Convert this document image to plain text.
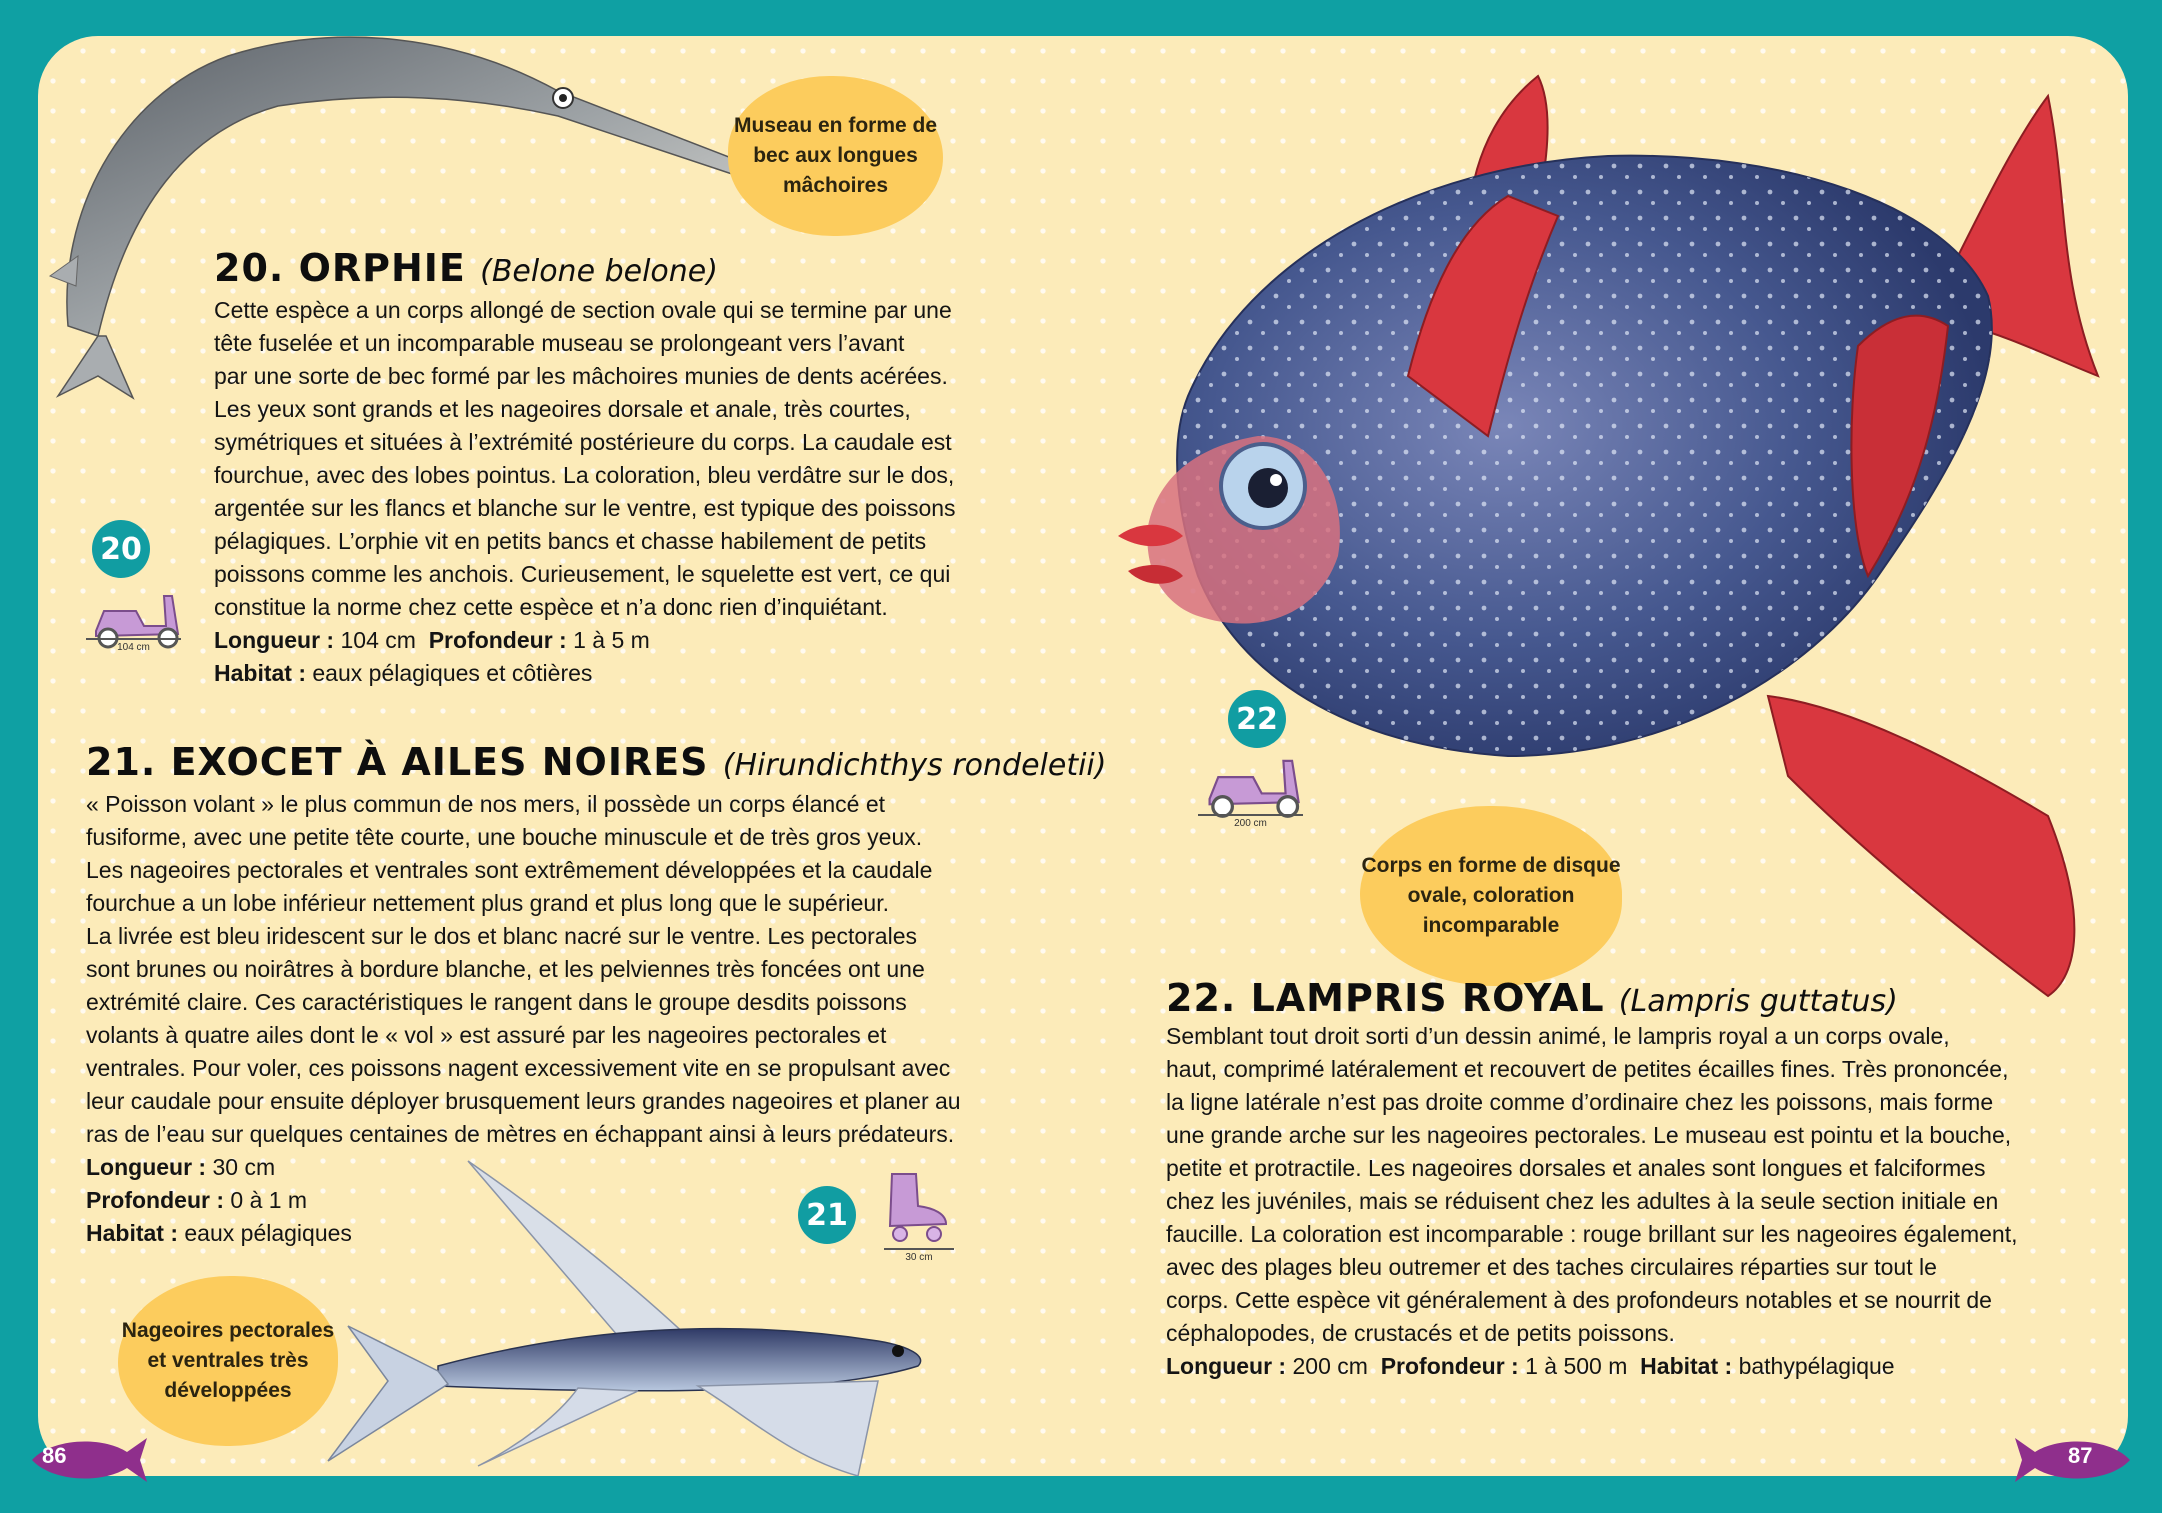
Museau en forme de bec aux longues mâchoires
20. ORPHIE (Belone belone)
Cette espèce a un corps allongé de section ovale qui se termine par une
tête fuselée et un incomparable museau se prolongeant vers l’avant
par une sorte de bec formé par les mâchoires munies de dents acérées.
Les yeux sont grands et les nageoires dorsale et anale, très courtes,
symétriques et situées à l’extrémité postérieure du corps. La caudale est
fourchue, avec des lobes pointus. La coloration, bleu verdâtre sur le dos,
argentée sur les flancs et blanche sur le ventre, est typique des poissons
pélagiques. L’orphie vit en petits bancs et chasse habilement de petits
poissons comme les anchois. Curieusement, le squelette est vert, ce qui
constitue la norme chez cette espèce et n’a donc rien d’inquiétant.
Longueur : 104 cm Profondeur : 1 à 5 m
Habitat : eaux pélagiques et côtières
20
104 cm
21. EXOCET À AILES NOIRES (Hirundichthys rondeletii)
« Poisson volant » le plus commun de nos mers, il possède un corps élancé et
fusiforme, avec une petite tête courte, une bouche minuscule et de très gros yeux.
Les nageoires pectorales et ventrales sont extrêmement développées et la caudale
fourchue a un lobe inférieur nettement plus grand et plus long que le supérieur.
La livrée est bleu iridescent sur le dos et blanc nacré sur le ventre. Les pectorales
sont brunes ou noirâtres à bordure blanche, et les pelviennes très foncées ont une
extrémité claire. Ces caractéristiques le rangent dans le groupe desdits poissons
volants à quatre ailes dont le « vol » est assuré par les nageoires pectorales et
ventrales. Pour voler, ces poissons nagent excessivement vite en se propulsant avec
leur caudale pour ensuite déployer brusquement leurs grandes nageoires et planer au
ras de l’eau sur quelques centaines de mètres en échappant ainsi à leurs prédateurs.
Longueur : 30 cm
Profondeur : 0 à 1 m
Habitat : eaux pélagiques
Nageoires pectorales et ventrales très développées
21
30 cm
Corps en forme de disque ovale, coloration incomparable
22
200 cm
22. LAMPRIS ROYAL (Lampris guttatus)
Semblant tout droit sorti d’un dessin animé, le lampris royal a un corps ovale,
haut, comprimé latéralement et recouvert de petites écailles fines. Très prononcée,
la ligne latérale n’est pas droite comme d’ordinaire chez les poissons, mais forme
une grande arche sur les nageoires pectorales. Le museau est pointu et la bouche,
petite et protractile. Les nageoires dorsales et anales sont longues et falciformes
chez les juvéniles, mais se réduisent chez les adultes à la seule section initiale en
faucille. La coloration est incomparable : rouge brillant sur les nageoires également,
avec des plages bleu outremer et des taches circulaires réparties sur tout le
corps. Cette espèce vit généralement à des profondeurs notables et se nourrit de
céphalopodes, de crustacés et de petits poissons.
Longueur : 200 cm Profondeur : 1 à 500 m Habitat : bathypélagique
86	87
